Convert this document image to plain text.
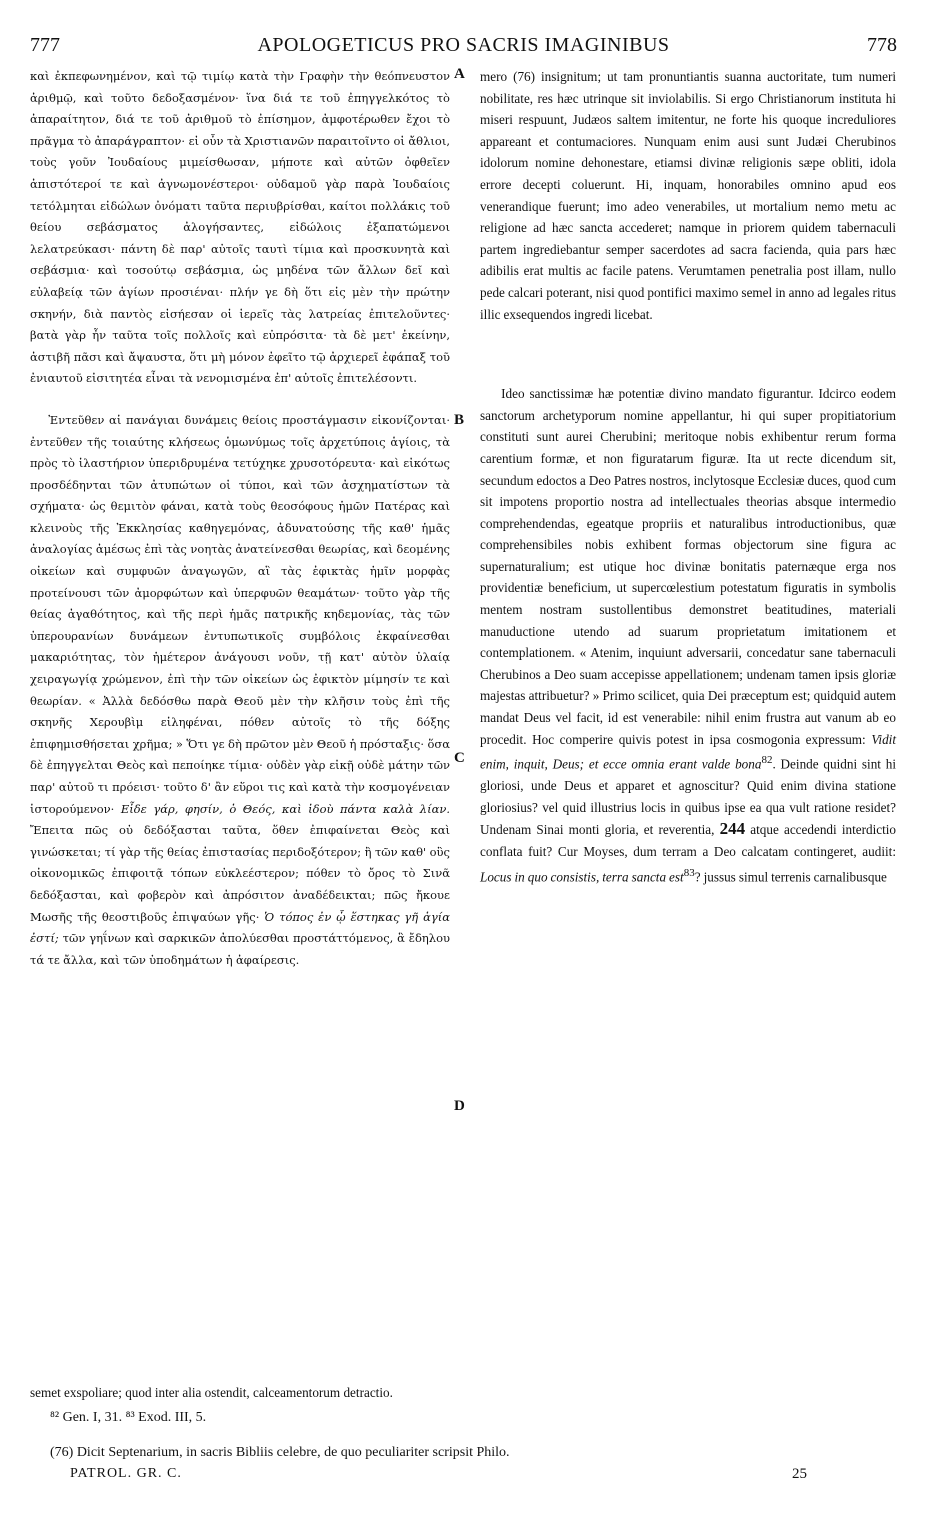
777	APOLOGETICUS PRO SACRIS IMAGINIBUS	778

καὶ ἐκπεφωνημένον, καὶ τῷ τιμίῳ κατὰ τὴν Γραφὴν τὴν θεόπνευστον ἀριθμῷ, καὶ τοῦτο δεδοξασμένον· ἵνα διά τε τοῦ ἐπηγγελκότος τὸ ἀπαραίτητον, διά τε τοῦ ἀριθμοῦ τὸ ἐπίσημον, ἀμφοτέρωθεν ἔχοι τὸ πρᾶγμα τὸ ἀπαράγραπτον· εἰ οὖν τὰ Χριστιανῶν παραιτοῖντο οἱ ἄθλιοι, τοὺς γοῦν Ἰουδαίους μιμείσθωσαν, μήποτε καὶ αὐτῶν ὀφθεῖεν ἀπιστότεροί τε καὶ ἀγνωμονέστεροι· οὐδαμοῦ γὰρ παρὰ Ἰουδαίοις τετόλμηται εἰδώλων ὀνόματι ταῦτα περιυβρίσθαι, καίτοι πολλάκις τοῦ θείου σεβάσματος ἀλογήσαντες, εἰδώλοις ἐξαπατώμενοι λελατρεύκασι· πάντη δὲ παρ' αὐτοῖς ταυτὶ τίμια καὶ προσκυνητὰ καὶ σεβάσμια· καὶ τοσούτῳ σεβάσμια, ὡς μηδένα τῶν ἄλλων δεῖ καὶ εὐλαβείᾳ τῶν ἁγίων προσιέναι· πλήν γε δὴ ὅτι εἰς μὲν τὴν πρώτην σκηνήν, διὰ παντὸς εἰσήεσαν οἱ ἱερεῖς τὰς λατρείας ἐπιτελοῦντες· βατὰ γὰρ ἦν ταῦτα τοῖς πολλοῖς καὶ εὐπρόσιτα· τὰ δὲ μετ' ἐκείνην, ἀστιβῆ πᾶσι καὶ ἄψαυστα, ὅτι μὴ μόνον ἐφεῖτο τῷ ἀρχιερεῖ ἐφάπαξ τοῦ ἐνιαυτοῦ εἰσιτητέα εἶναι τὰ νενομισμένα ἐπ' αὐτοῖς ἐπιτελέσοντι.

Ἐντεῦθεν αἱ πανάγιαι δυνάμεις θείοις προστάγμασιν εἰκονίζονται· ἐντεῦθεν τῆς τοιαύτης κλήσεως ὁμωνύμως τοῖς ἀρχετύποις ἁγίοις, τὰ πρὸς τὸ ἱλαστήριον ὑπεριδρυμένα τετύχηκε χρυσοτόρευτα· καὶ εἰκότως προσδέδηνται τῶν ἀτυπώτων οἱ τύποι, καὶ τῶν ἀσχηματίστων τὰ σχήματα· ὡς θεμιτὸν φάναι, κατὰ τοὺς θεοσόφους ἡμῶν Πατέρας καὶ κλεινοὺς τῆς Ἐκκλησίας καθηγεμόνας, ἀδυνατούσης τῆς καθ' ἡμᾶς ἀναλογίας ἀμέσως ἐπὶ τὰς νοητὰς ἀνατείνεσθαι θεωρίας, καὶ δεομένης οἰκείων καὶ συμφυῶν ἀναγωγῶν, αἳ τὰς ἐφικτὰς ἡμῖν μορφὰς προτείνουσι τῶν ἀμορφώτων καὶ ὑπερφυῶν θεαμάτων· τοῦτο γὰρ τῆς θείας ἀγαθότητος, καὶ τῆς περὶ ἡμᾶς πατρικῆς κηδεμονίας, τὰς τῶν ὑπερουρανίων δυνάμεων ἐντυπωτικοῖς συμβόλοις ἐκφαίνεσθαι μακαριότητας, τὸν ἡμέτερον ἀνάγουσι νοῦν, τῇ κατ' αὐτὸν ὑλαίᾳ χειραγωγίᾳ χρώμενον, ἐπὶ τὴν τῶν οἰκείων ὡς ἐφικτὸν μίμησίν τε καὶ θεωρίαν. « Ἀλλὰ δεδόσθω παρὰ Θεοῦ μὲν τὴν κλῆσιν τοὺς ἐπὶ τῆς σκηνῆς Χερουβὶμ εἰληφέναι, πόθεν αὐτοῖς τὸ τῆς δόξης ἐπιφημισθήσεται χρῆμα; » Ὅτι γε δὴ πρῶτον μὲν Θεοῦ ἡ πρόσταξις· ὅσα δὲ ἐπηγγελται Θεὸς καὶ πεποίηκε τίμια· οὐδὲν γὰρ εἰκῇ οὐδὲ μάτην τῶν παρ' αὐτοῦ τι πρόεισι· τοῦτο δ' ἂν εὕροι τις καὶ κατὰ τὴν κοσμογένειαν ἱστορούμενον· Εἶδε γάρ, φησίν, ὁ Θεός, καὶ ἰδοὺ πάντα καλὰ λίαν. Ἔπειτα πῶς οὐ δεδόξασται ταῦτα, ὅθεν ἐπιφαίνεται Θεὸς καὶ γινώσκεται; τί γὰρ τῆς θείας ἐπιστασίας περιδοξότερον; ἢ τῶν καθ' οὓς οἰκονομικῶς ἐπιφοιτᾷ τόπων εὐκλεέστερον; πόθεν τὸ ὄρος τὸ Σινᾶ δεδόξασται, καὶ φοβερὸν καὶ ἀπρόσιτον ἀναδέδεικται; πῶς ἤκουε Μωσῆς τῆς θεοστιβοῦς ἐπιψαύων γῆς· Ὁ τόπος ἐν ᾧ ἕστηκας γῆ ἁγία ἐστί; τῶν γηΐνων καὶ σαρκικῶν ἀπολύεσθαι προστάττόμενος, ἃ ἔδηλου τά τε ἄλλα, καὶ τῶν ὑποδημάτων ἡ ἀφαίρεσις.

A
B
C
D

mero (76) insignitum; ut tam pronuntiantis suanna auctoritate, tum numeri nobilitate, res hæc utrinque sit inviolabilis. Si ergo Christianorum instituta hi miseri respuunt, Judæos saltem imitentur, ne forte his quoque increduliores appareant et contumaciores. Nunquam enim ausi sunt Judæi Cherubinos idolorum nomine dehonestare, etiamsi divinæ religionis sæpe obliti, idola errore decepti coluerunt. Hi, inquam, honorabiles omnino apud eos venerandique fuerunt; imo adeo venerabiles, ut mortalium nemo metu ac religione ad hæc sancta accederet; namque in priorem quidem tabernaculi partem ingrediebantur semper sacerdotes ad sacra facienda, quia pars hæc adibilis erat multis ac facile patens. Verumtamen penetralia post illam, nullo pede calcari poterant, nisi quod pontifici maximo semel in anno ad legales ritus illic exsequendos ingredi licebat.

Ideo sanctissimæ hæ potentiæ divino mandato figurantur. Idcirco eodem sanctorum archetyporum nomine appellantur, hi qui super propitiatorium constituti sunt aurei Cherubini; meritoque nobis exhibentur rerum forma carentium formæ, et non figuratarum figuræ. Ita ut recte dicendum sit, secundum edoctos a Deo Patres nostros, inclytosque Ecclesiæ duces, quod cum sit impotens proportio nostra ad intellectuales theorias absque intermedio comprehendendas, egeatque propriis et naturalibus introductionibus, quæ comprehensibiles nobis exhibent formas objectorum sine figura ac supernaturalium; est utique hoc divinæ bonitatis paternæque erga nos providentiæ beneficium, ut supercœlestium potestatum figuratis in symbolis mentem nostram sustollentibus demonstret beatitudines, materiali manuductione utendo ad suarum proprietatum imitationem et contemplationem. « Atenim, inquiunt adversarii, concedatur sane tabernaculi Cherubinos a Deo suam accepisse appellationem; undenam tamen ipsis gloriæ majestas attribuetur? » Primo scilicet, quia Dei præceptum est; quidquid autem mandat Deus vel facit, id est venerabile: nihil enim frustra aut vanum ab eo procedit. Hoc comperire quivis potest in ipsa cosmogonia expressum: Vidit enim, inquit, Deus; et ecce omnia erant valde bona$^{82}$. Deinde quidni sint hi gloriosi, unde Deus et apparet et agnoscitur? Quid enim divina statione gloriosius? vel quid illustrius locis in quibus ipse ea qua vult ratione residet? Undenam Sinai monti gloria, et reverentia, 244 atque accedendi interdictio conflata fuit? Cur Moyses, dum terram a Deo calcatam contingeret, audiit: Locus in quo consistis, terra sancta est$^{83}$? jussus simul terrenis carnalibusque

semet exspoliare; quod inter alia ostendit, calceamentorum detractio.
⁸² Gen. I, 31. ⁸³ Exod. III, 5.
(76) Dicit Septenarium, in sacris Bibliis celebre, de quo peculiariter scripsit Philo.
PATROL. GR. C.	25
